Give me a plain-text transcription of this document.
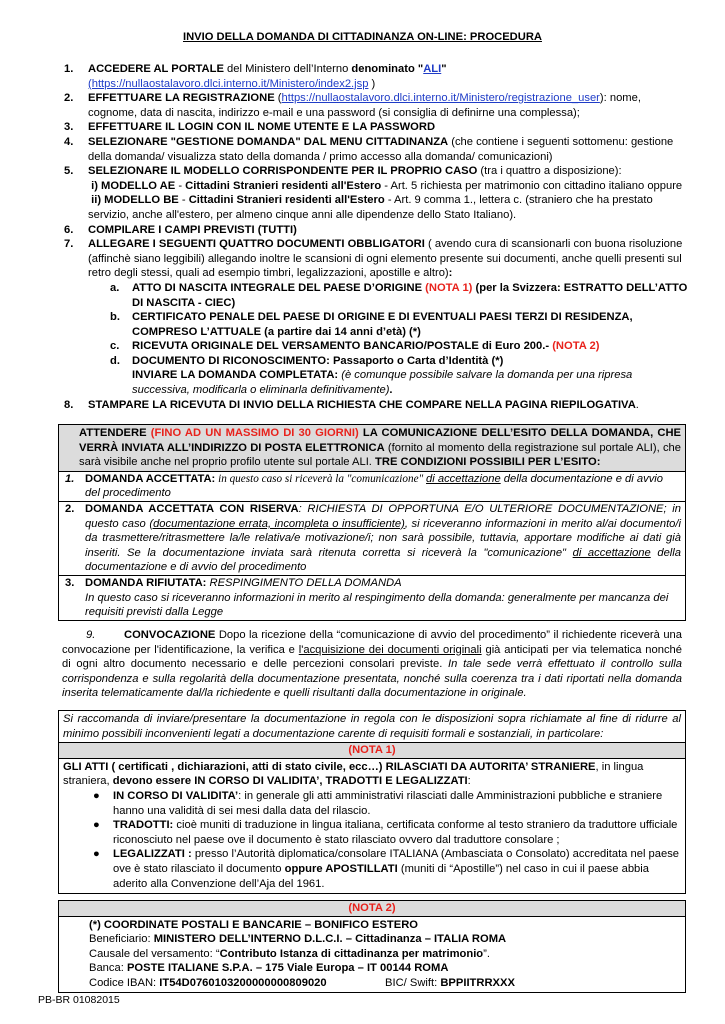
INVIO DELLA DOMANDA DI CITTADINANZA ON-LINE: PROCEDURA
1. ACCEDERE AL PORTALE del Ministero dell’Interno denominato "ALI"
(https://nullaostalavoro.dlci.interno.it/Ministero/index2.jsp )
2. EFFETTUARE LA REGISTRAZIONE (https://nullaostalavoro.dlci.interno.it/Ministero/registrazione_user): nome, cognome, data di nascita, indirizzo e-mail e una password (si consiglia di definirne una complessa);
3. EFFETTUARE IL LOGIN CON IL NOME UTENTE E LA PASSWORD
4. SELEZIONARE "GESTIONE DOMANDA" DAL MENU CITTADINANZA (che contiene i seguenti sottomenu: gestione della domanda/ visualizza stato della domanda / primo accesso alla domanda/ comunicazioni)
5. SELEZIONARE IL MODELLO CORRISPONDENTE PER IL PROPRIO CASO (tra i quattro a disposizione):
i) MODELLO AE - Cittadini Stranieri residenti all'Estero - Art. 5 richiesta per matrimonio con cittadino italiano oppure
ii) MODELLO BE - Cittadini Stranieri residenti all'Estero - Art. 9 comma 1., lettera c. (straniero che ha prestato servizio, anche all'estero, per almeno cinque anni alle dipendenze dello Stato Italiano).
6. COMPILARE I CAMPI PREVISTI (TUTTI)
7. ALLEGARE I SEGUENTI QUATTRO DOCUMENTI OBBLIGATORI ( avendo cura di scansionarli con buona risoluzione (affinchè siano leggibili) allegando inoltre le scansioni di ogni elemento presente sui documenti, anche quelli presenti sul retro degli stessi, quali ad esempio timbri, legalizzazioni, apostille e altro):
a. ATTO DI NASCITA INTEGRALE DEL PAESE D’ORIGINE (NOTA 1) (per la Svizzera: ESTRATTO DELL’ATTO DI NASCITA - CIEC)
b. CERTIFICATO PENALE DEL PAESE DI ORIGINE E DI EVENTUALI PAESI TERZI DI RESIDENZA, COMPRESO L’ATTUALE (a partire dai 14 anni d’età) (*)
c. RICEVUTA ORIGINALE DEL VERSAMENTO BANCARIO/POSTALE di Euro 200.- (NOTA 2)
d. DOCUMENTO DI RICONOSCIMENTO: Passaporto o Carta d’Identità (*)
INVIARE LA DOMANDA COMPLETATA: (è comunque possibile salvare la domanda per una ripresa successiva, modificarla o eliminarla definitivamente).
8. STAMPARE LA RICEVUTA DI INVIO DELLA RICHIESTA CHE COMPARE NELLA PAGINA RIEPILOGATIVA.
ATTENDERE (FINO AD UN MASSIMO DI 30 GIORNI) LA COMUNICAZIONE DELL’ESITO DELLA DOMANDA, CHE VERRÀ INVIATA ALL’INDIRIZZO DI POSTA ELETTRONICA (fornito al momento della registrazione sul portale ALI), che sarà visibile anche nel proprio profilo utente sul portale ALI. TRE CONDIZIONI POSSIBILI PER L’ESITO:
1. DOMANDA ACCETTATA: in questo caso si riceverà la "comunicazione" di accettazione della documentazione e di avvio del procedimento
2. DOMANDA ACCETTATA CON RISERVA: RICHIESTA DI OPPORTUNA E/O ULTERIORE DOCUMENTAZIONE; in questo caso (documentazione errata, incompleta o insufficiente), si riceveranno informazioni in merito al/ai documento/i da trasmettere/ritrasmettere la/le relativa/e motivazione/i; non sarà possibile, tuttavia, apportare modifiche ai dati già inseriti. Se la documentazione inviata sarà ritenuta corretta si riceverà la "comunicazione" di accettazione della documentazione e di avvio del procedimento
3. DOMANDA RIFIUTATA: RESPINGIMENTO DELLA DOMANDA
In questo caso si riceveranno informazioni in merito al respingimento della domanda: generalmente per mancanza dei requisiti previsti dalla Legge
9.	CONVOCAZIONE Dopo la ricezione della “comunicazione di avvio del procedimento” il richiedente riceverà una convocazione per l'identificazione, la verifica e l'acquisizione dei documenti originali già anticipati per via telematica nonché di ogni altro documento necessario e delle percezioni consolari previste. In tale sede verrà effettuato il controllo sulla corrispondenza e sulla regolarità della documentazione presentata, nonché sulla coerenza tra i dati riportati nella domanda inserita telematicamente dal/la richiedente e quelli risultanti dalla documentazione in originale.
Si raccomanda di inviare/presentare la documentazione in regola con le disposizioni sopra richiamate al fine di ridurre al minimo possibili inconvenienti legati a documentazione carente di requisiti formali e sostanziali, in particolare:
(NOTA 1)
GLI ATTI ( certificati , dichiarazioni, atti di stato civile, ecc…) RILASCIATI DA AUTORITA’ STRANIERE, in lingua straniera, devono essere IN CORSO DI VALIDITA’, TRADOTTI E LEGALIZZATI:
● IN CORSO DI VALIDITA’: in generale gli atti amministrativi rilasciati dalle Amministrazioni pubbliche e straniere hanno una validità di sei mesi dalla data del rilascio.
● TRADOTTI: cioè muniti di traduzione in lingua italiana, certificata conforme al testo straniero da traduttore ufficiale riconosciuto nel paese ove il documento è stato rilasciato ovvero dal traduttore consolare ;
● LEGALIZZATI : presso l’Autorità diplomatica/consolare ITALIANA (Ambasciata o Consolato) accreditata nel paese ove è stato rilasciato il documento oppure APOSTILLATI (muniti di “Apostille”) nel caso in cui il paese abbia aderito alla Convenzione dell’Aja del 1961.
(NOTA 2)
(*) COORDINATE POSTALI E BANCARIE – BONIFICO ESTERO
Beneficiario: MINISTERO DELL’INTERNO D.L.C.I. – Cittadinanza – ITALIA ROMA
Causale del versamento: “Contributo Istanza di cittadinanza per matrimonio”.
Banca: POSTE ITALIANE S.P.A. – 175 Viale Europa – IT 00144 ROMA
Codice IBAN: IT54D0760103200000000809020	BIC/ Swift: BPPIITRRXXX
PB-BR 01082015
